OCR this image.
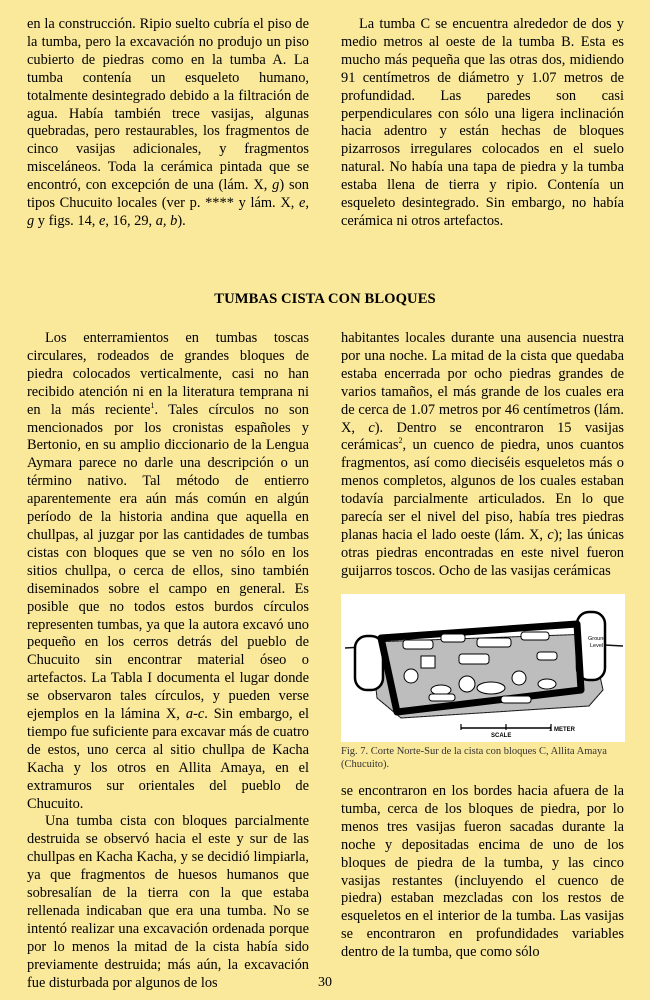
en la construcción. Ripio suelto cubría el piso de la tumba, pero la excavación no produjo un piso cubierto de piedras como en la tumba A. La tumba contenía un esqueleto humano, totalmente desintegrado debido a la filtración de agua. Había también trece vasijas, algunas quebradas, pero restaurables, los fragmentos de cinco vasijas adicionales, y fragmentos misceláneos. Toda la cerámica pintada que se encontró, con excepción de una (lám. X, g) son tipos Chucuito locales (ver p. **** y lám. X, e, g y figs. 14, e, 16, 29, a, b).

La tumba C se encuentra alrededor de dos y medio metros al oeste de la tumba B. Esta es mucho más pequeña que las otras dos, midiendo 91 centímetros de diámetro y 1.07 metros de profundidad. Las paredes son casi perpendiculares con sólo una ligera inclinación hacia adentro y están hechas de bloques pizarrosos irregulares colocados en el suelo natural. No había una tapa de piedra y la tumba estaba llena de tierra y ripio. Contenía un esqueleto desintegrado. Sin embargo, no había cerámica ni otros artefactos.

TUMBAS CISTA CON BLOQUES

Los enterramientos en tumbas toscas circulares, rodeados de grandes bloques de piedra colocados verticalmente, casi no han recibido atención ni en la literatura temprana ni en la más reciente$^1$. Tales círculos no son mencionados por los cronistas españoles y Bertonio, en su amplio diccionario de la Lengua Aymara parece no darle una descripción o un término nativo. Tal método de entierro aparentemente era aún más común en algún período de la historia andina que aquella en chullpas, al juzgar por las cantidades de tumbas cistas con bloques que se ven no sólo en los sitios chullpa, o cerca de ellos, sino también diseminados sobre el campo en general. Es posible que no todos estos burdos círculos representen tumbas, ya que la autora excavó uno pequeño en los cerros detrás del pueblo de Chucuito sin encontrar material óseo o artefactos. La Tabla I documenta el lugar donde se observaron tales círculos, y pueden verse ejemplos en la lámina X, a-c. Sin embargo, el tiempo fue suficiente para excavar más de cuatro de estos, uno cerca al sitio chullpa de Kacha Kacha y los otros en Allita Amaya, en el extramuros sur orientales del pueblo de Chucuito.

Una tumba cista con bloques parcialmente destruida se observó hacia el este y sur de las chullpas en Kacha Kacha, y se decidió limpiarla, ya que fragmentos de huesos humanos que sobresalían de la tierra con la que estaba rellenada indicaban que era una tumba. No se intentó realizar una excavación ordenada porque por lo menos la mitad de la cista había sido previamente destruida; más aún, la excavación fue disturbada por algunos de los

habitantes locales durante una ausencia nuestra por una noche. La mitad de la cista que quedaba estaba encerrada por ocho piedras grandes de varios tamaños, el más grande de los cuales era de cerca de 1.07 metros por 46 centímetros (lám. X, c). Dentro se encontraron 15 vasijas cerámicas$^2$, un cuenco de piedra, unos cuantos fragmentos, así como dieciséis esqueletos más o menos completos, algunos de los cuales estaban todavía parcialmente articulados. En lo que parecía ser el nivel del piso, había tres piedras planas hacia el lado oeste (lám. X, c); las únicas otras piedras encontradas en este nivel fueron guijarros toscos. Ocho de las vasijas cerámicas

Ground
Level
SCALE
1 METER
Fig. 7. Corte Norte-Sur de la cista con bloques C, Allita Amaya (Chucuito).

se encontraron en los bordes hacia afuera de la tumba, cerca de los bloques de piedra, por lo menos tres vasijas fueron sacadas durante la noche y depositadas encima de uno de los bloques de piedra de la tumba, y las cinco vasijas restantes (incluyendo el cuenco de piedra) estaban mezcladas con los restos de esqueletos en el interior de la tumba. Las vasijas se encontraron en profundidades variables dentro de la tumba, que como sólo

30
